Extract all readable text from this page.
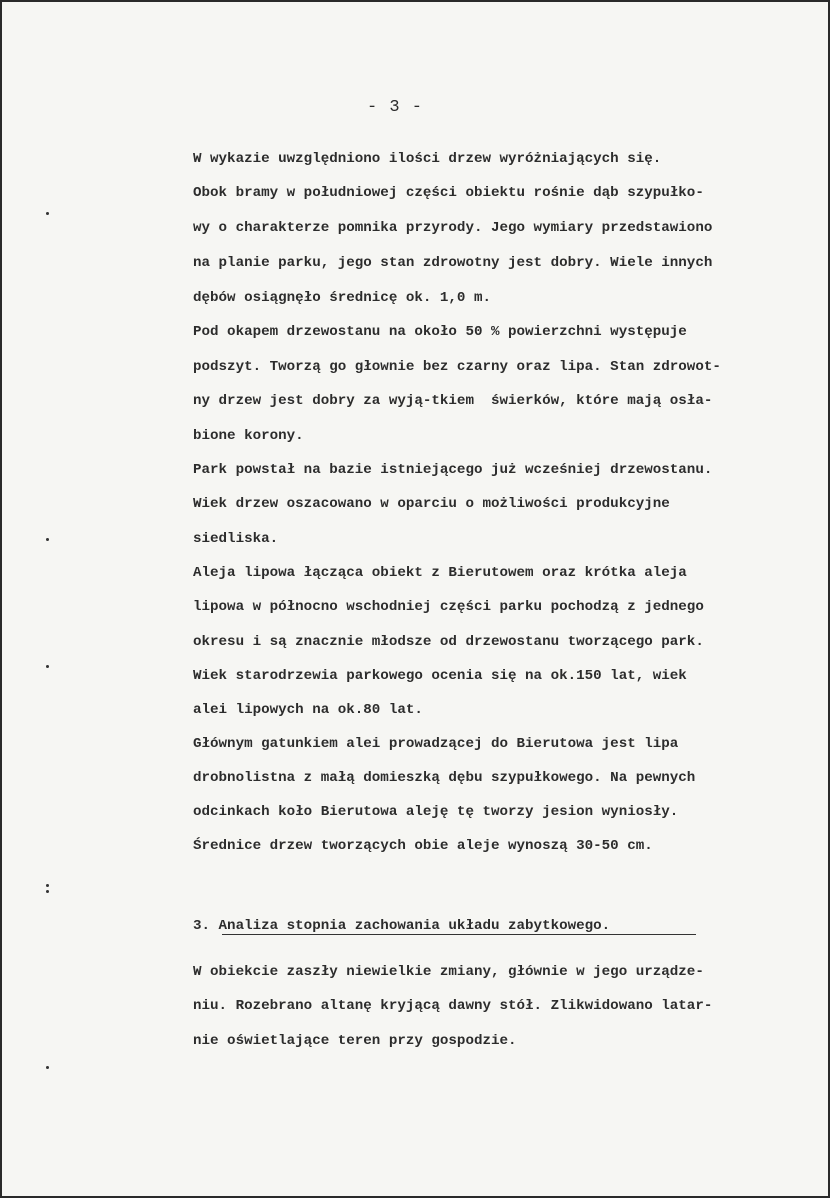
- 3 -
W wykazie uwzględniono ilości drzew wyróżniających się.
Obok bramy w południowej części obiektu rośnie dąb szypułko-
wy o charakterze pomnika przyrody. Jego wymiary przedstawiono
na planie parku, jego stan zdrowotny jest dobry. Wiele innych
dębów osiągnęło średnicę ok. 1,0 m.
Pod okapem drzewostanu na około 50 % powierzchni występuje
podszyt. Tworzą go głownie bez czarny oraz lipa. Stan zdrowot-
ny drzew jest dobry za wyją-tkiem  świerków, które mają osła-
bione korony.
Park powstał na bazie istniejącego już wcześniej drzewostanu.
Wiek drzew oszacowano w oparciu o możliwości produkcyjne
siedliska.
Aleja lipowa łącząca obiekt z Bierutowem oraz krótka aleja
lipowa w północno wschodniej części parku pochodzą z jednego
okresu i są znacznie młodsze od drzewostanu tworzącego park.
Wiek starodrzewia parkowego ocenia się na ok.150 lat, wiek
alei lipowych na ok.80 lat.
Głównym gatunkiem alei prowadzącej do Bierutowa jest lipa
drobnolistna z małą domieszką dębu szypułkowego. Na pewnych
odcinkach koło Bierutowa aleję tę tworzy jesion wyniosły.
Średnice drzew tworzących obie aleje wynoszą 30-50 cm.
3. Analiza stopnia zachowania układu zabytkowego.
W obiekcie zaszły niewielkie zmiany, głównie w jego urządze-
niu. Rozebrano altanę kryjącą dawny stół. Zlikwidowano latar-
nie oświetlające teren przy gospodzie.
